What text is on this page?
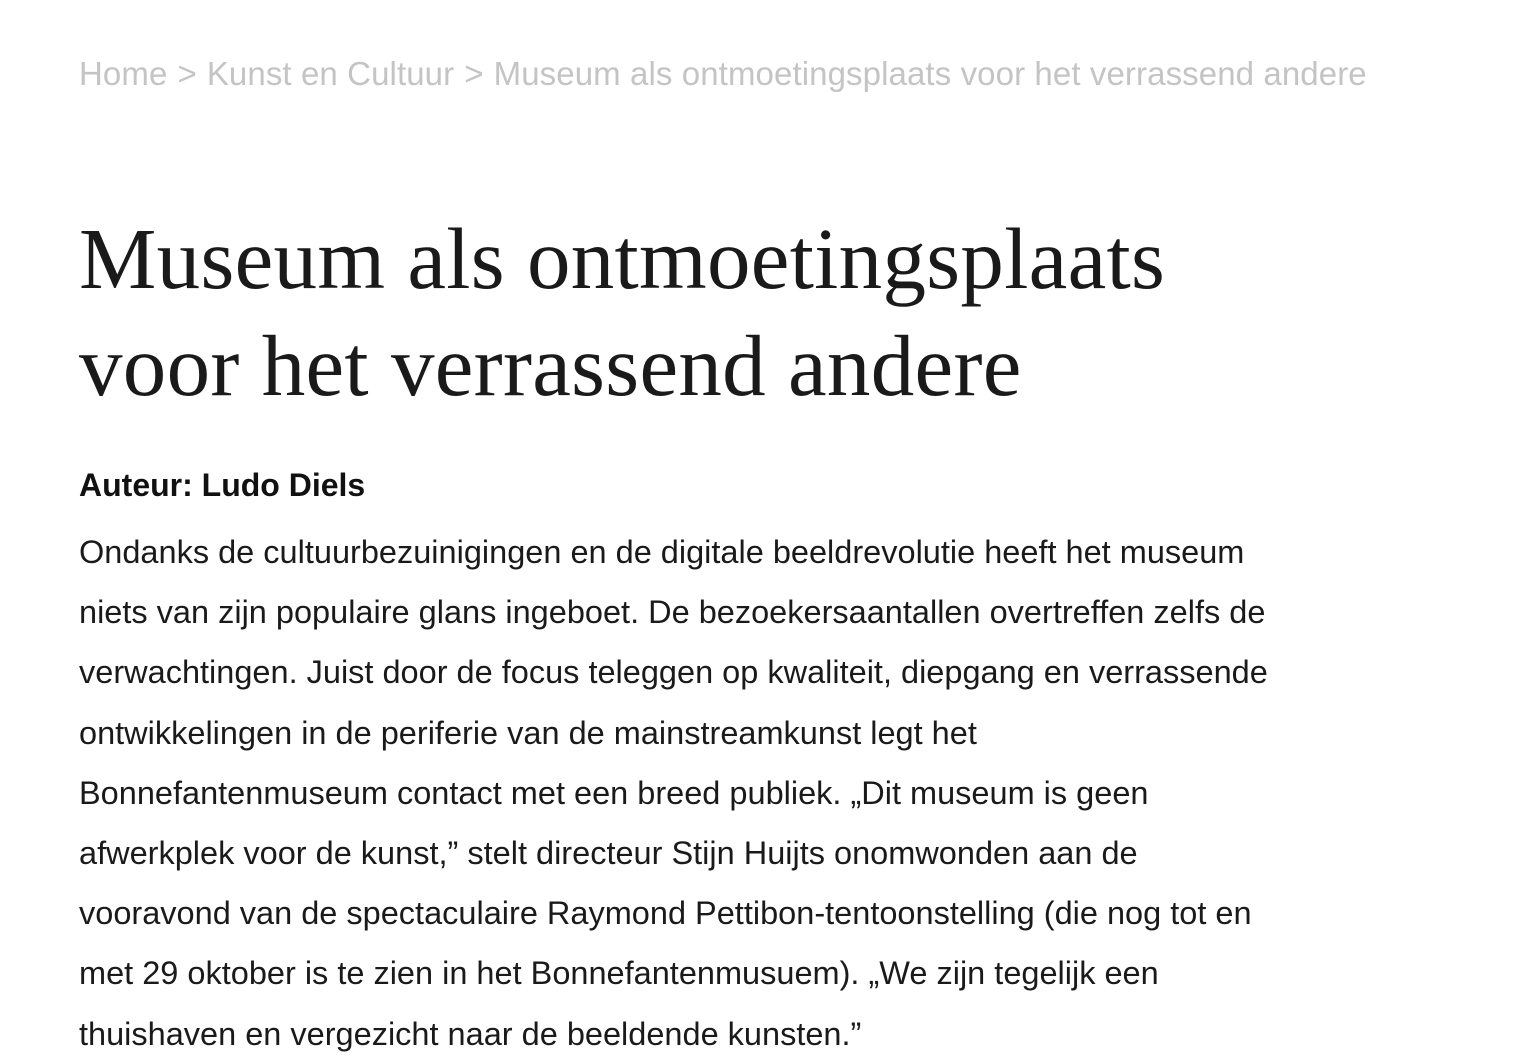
Home > Kunst en Cultuur > Museum als ontmoetingsplaats voor het verrassend andere
Museum als ontmoetingsplaats
voor het verrassend andere
Auteur: Ludo Diels
Ondanks de cultuurbezuinigingen en de digitale beeldrevolutie heeft het museum
niets van zijn populaire glans ingeboet. De bezoekersaantallen overtreffen zelfs de
verwachtingen. Juist door de focus teleggen op kwaliteit, diepgang en verrassende
ontwikkelingen in de periferie van de mainstreamkunst legt het
Bonnefantenmuseum contact met een breed publiek. „Dit museum is geen
afwerkplek voor de kunst,” stelt directeur Stijn Huijts onomwonden aan de
vooravond van de spectaculaire Raymond Pettibon-tentoonstelling (die nog tot en
met 29 oktober is te zien in het Bonnefantenmusuem). „We zijn tegelijk een
thuishaven en vergezicht naar de beeldende kunsten.”
